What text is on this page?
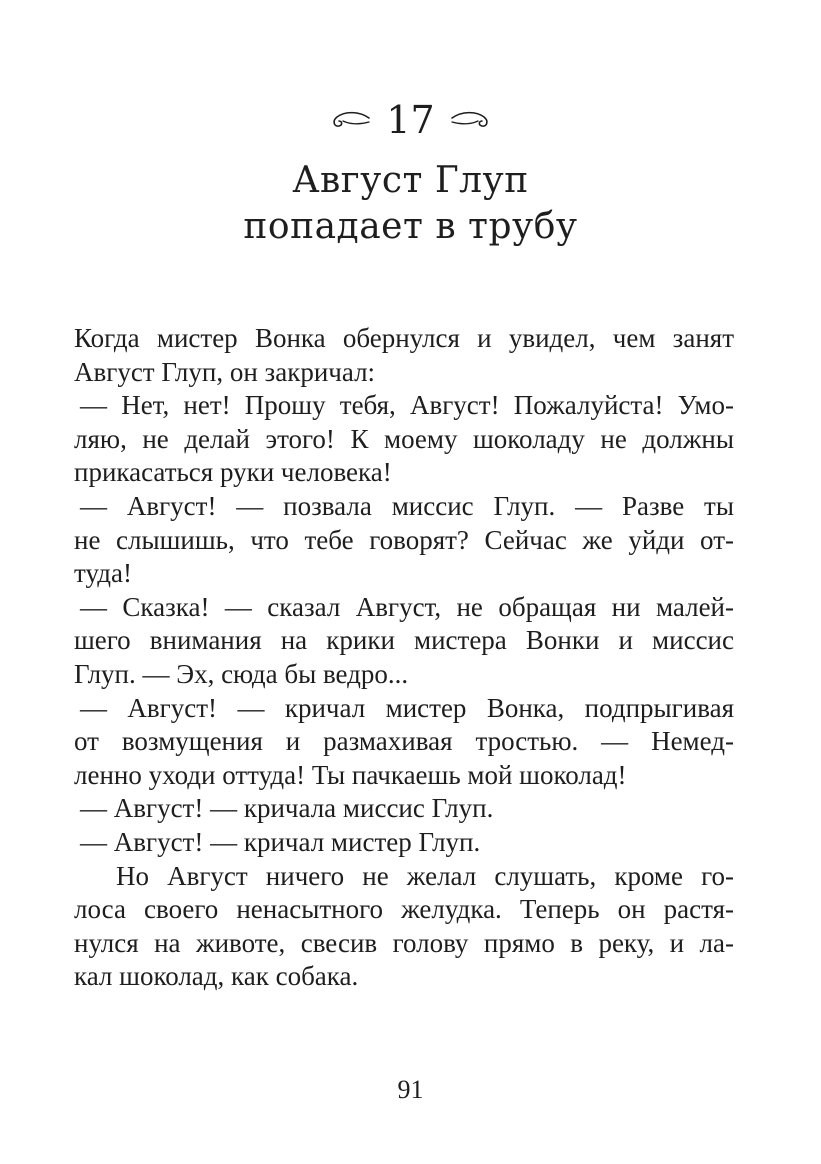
17
Август Глуп
попадает в трубу
Когда мистер Вонка обернулся и увидел, чем занят
Август Глуп, он закричал:
— Нет, нет! Прошу тебя, Август! Пожалуйста! Умо-
ляю, не делай этого! К моему шоколаду не должны
прикасаться руки человека!
— Август! — позвала миссис Глуп. — Разве ты
не слышишь, что тебе говорят? Сейчас же уйди от-
туда!
— Сказка! — сказал Август, не обращая ни малей-
шего внимания на крики мистера Вонки и миссис
Глуп. — Эх, сюда бы ведро...
— Август! — кричал мистер Вонка, подпрыгивая
от возмущения и размахивая тростью. — Немед-
ленно уходи оттуда! Ты пачкаешь мой шоколад!
— Август! — кричала миссис Глуп.
— Август! — кричал мистер Глуп.
Но Август ничего не желал слушать, кроме го-
лоса своего ненасытного желудка. Теперь он растя-
нулся на животе, свесив голову прямо в реку, и ла-
кал шоколад, как собака.
91
